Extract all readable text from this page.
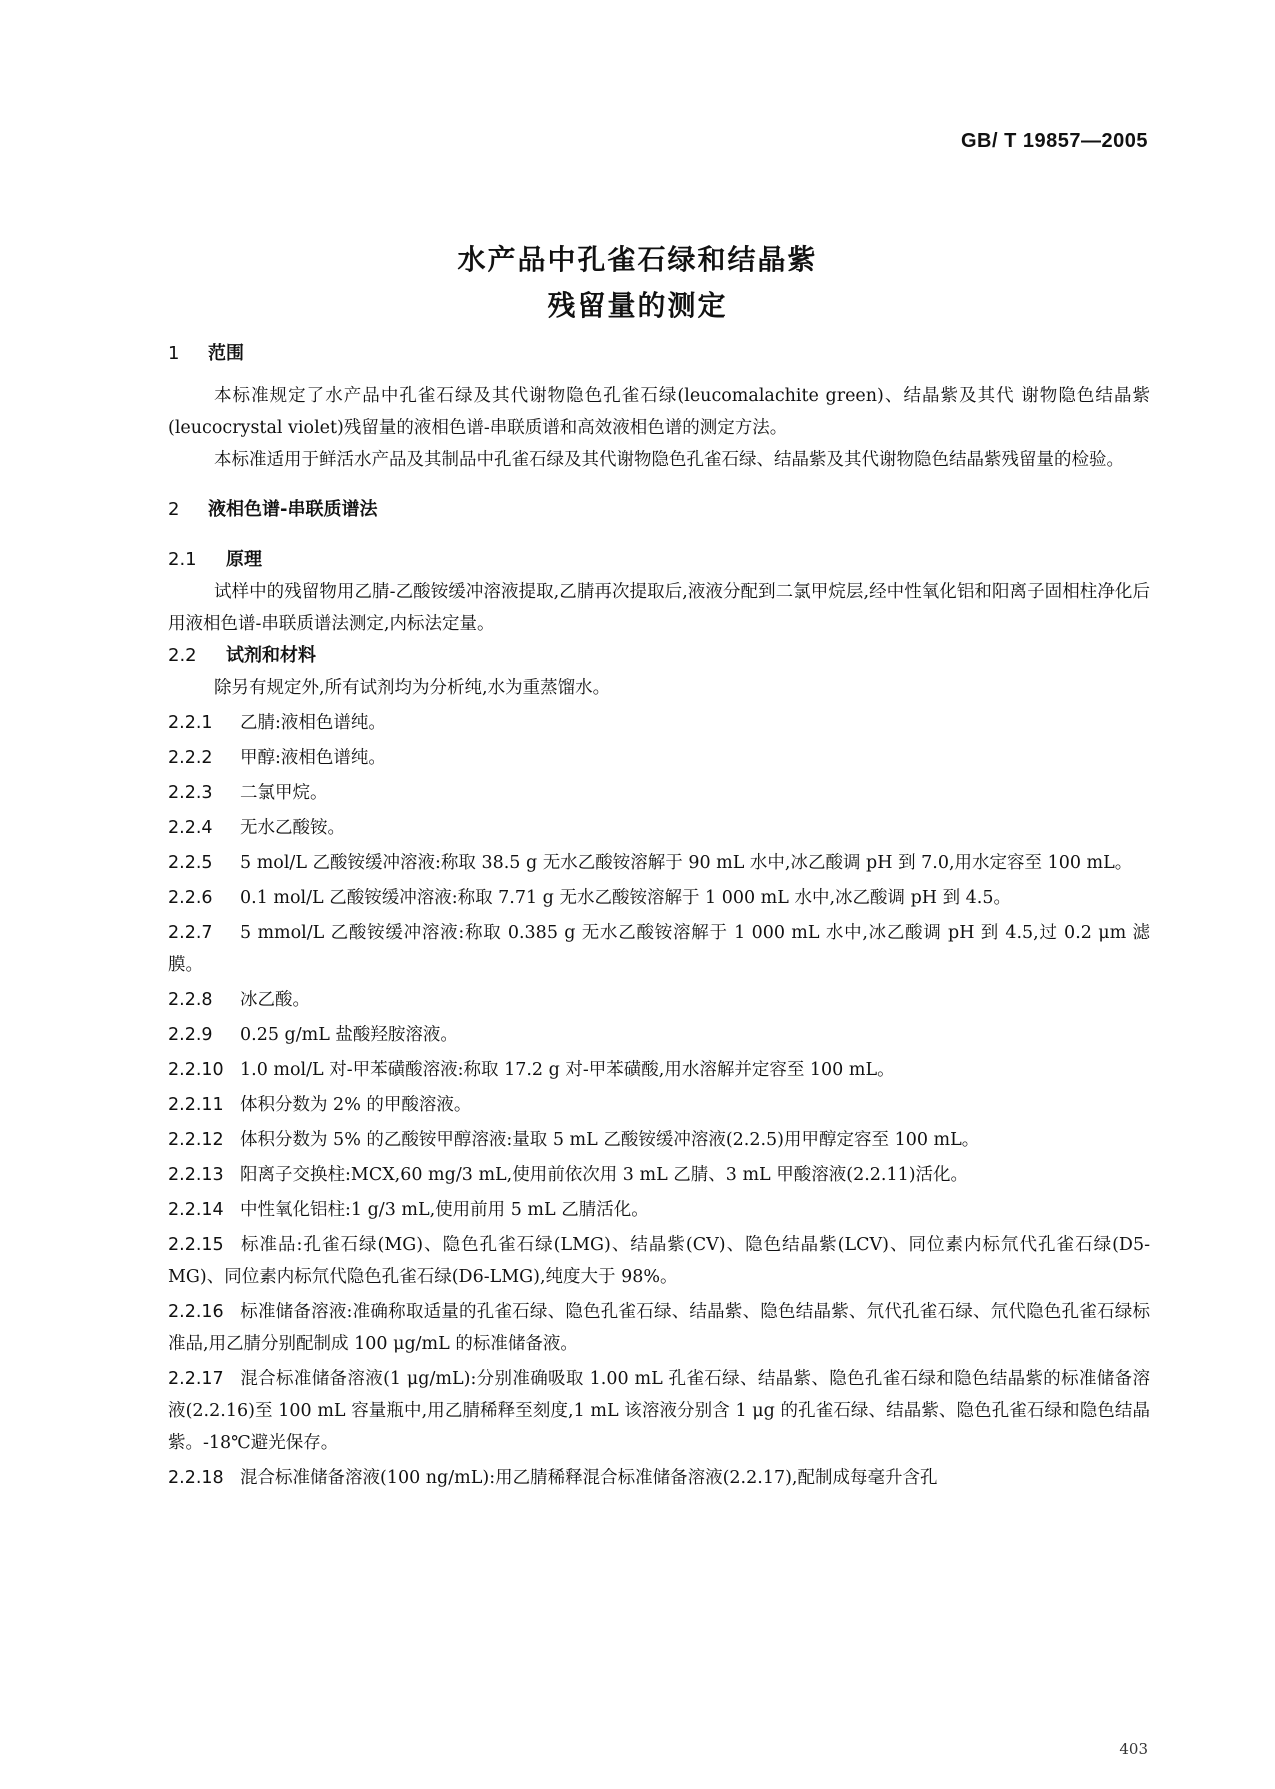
GB/ T 19857—2005
水产品中孔雀石绿和结晶紫
残留量的测定
1 范围
本标准规定了水产品中孔雀石绿及其代谢物隐色孔雀石绿(leucomalachite green)、结晶紫及其代 谢物隐色结晶紫(leucocrystal violet)残留量的液相色谱-串联质谱和高效液相色谱的测定方法。
本标准适用于鲜活水产品及其制品中孔雀石绿及其代谢物隐色孔雀石绿、结晶紫及其代谢物隐色结晶紫残留量的检验。
2 液相色谱-串联质谱法
2.1 原理
试样中的残留物用乙腈-乙酸铵缓冲溶液提取,乙腈再次提取后,液液分配到二氯甲烷层,经中性氧化铝和阳离子固相柱净化后用液相色谱-串联质谱法测定,内标法定量。
2.2 试剂和材料
除另有规定外,所有试剂均为分析纯,水为重蒸馏水。
2.2.1 乙腈:液相色谱纯。
2.2.2 甲醇:液相色谱纯。
2.2.3 二氯甲烷。
2.2.4 无水乙酸铵。
2.2.5 5 mol/L 乙酸铵缓冲溶液:称取 38.5 g 无水乙酸铵溶解于 90 mL 水中,冰乙酸调 pH 到 7.0,用水定容至 100 mL。
2.2.6 0.1 mol/L 乙酸铵缓冲溶液:称取 7.71 g 无水乙酸铵溶解于 1 000 mL 水中,冰乙酸调 pH 到 4.5。
2.2.7 5 mmol/L 乙酸铵缓冲溶液:称取 0.385 g 无水乙酸铵溶解于 1 000 mL 水中,冰乙酸调 pH 到 4.5,过 0.2 μm 滤膜。
2.2.8 冰乙酸。
2.2.9 0.25 g/mL 盐酸羟胺溶液。
2.2.10 1.0 mol/L 对-甲苯磺酸溶液:称取 17.2 g 对-甲苯磺酸,用水溶解并定容至 100 mL。
2.2.11 体积分数为 2% 的甲酸溶液。
2.2.12 体积分数为 5% 的乙酸铵甲醇溶液:量取 5 mL 乙酸铵缓冲溶液(2.2.5)用甲醇定容至 100 mL。
2.2.13 阳离子交换柱:MCX,60 mg/3 mL,使用前依次用 3 mL 乙腈、3 mL 甲酸溶液(2.2.11)活化。
2.2.14 中性氧化铝柱:1 g/3 mL,使用前用 5 mL 乙腈活化。
2.2.15 标准品:孔雀石绿(MG)、隐色孔雀石绿(LMG)、结晶紫(CV)、隐色结晶紫(LCV)、同位素内标氘代孔雀石绿(D5-MG)、同位素内标氘代隐色孔雀石绿(D6-LMG),纯度大于 98%。
2.2.16 标准储备溶液:准确称取适量的孔雀石绿、隐色孔雀石绿、结晶紫、隐色结晶紫、氘代孔雀石绿、氘代隐色孔雀石绿标准品,用乙腈分别配制成 100 μg/mL 的标准储备液。
2.2.17 混合标准储备溶液(1 μg/mL):分别准确吸取 1.00 mL 孔雀石绿、结晶紫、隐色孔雀石绿和隐色结晶紫的标准储备溶液(2.2.16)至 100 mL 容量瓶中,用乙腈稀释至刻度,1 mL 该溶液分别含 1 μg 的孔雀石绿、结晶紫、隐色孔雀石绿和隐色结晶紫。-18℃避光保存。
2.2.18 混合标准储备溶液(100 ng/mL):用乙腈稀释混合标准储备溶液(2.2.17),配制成每毫升含孔
403
